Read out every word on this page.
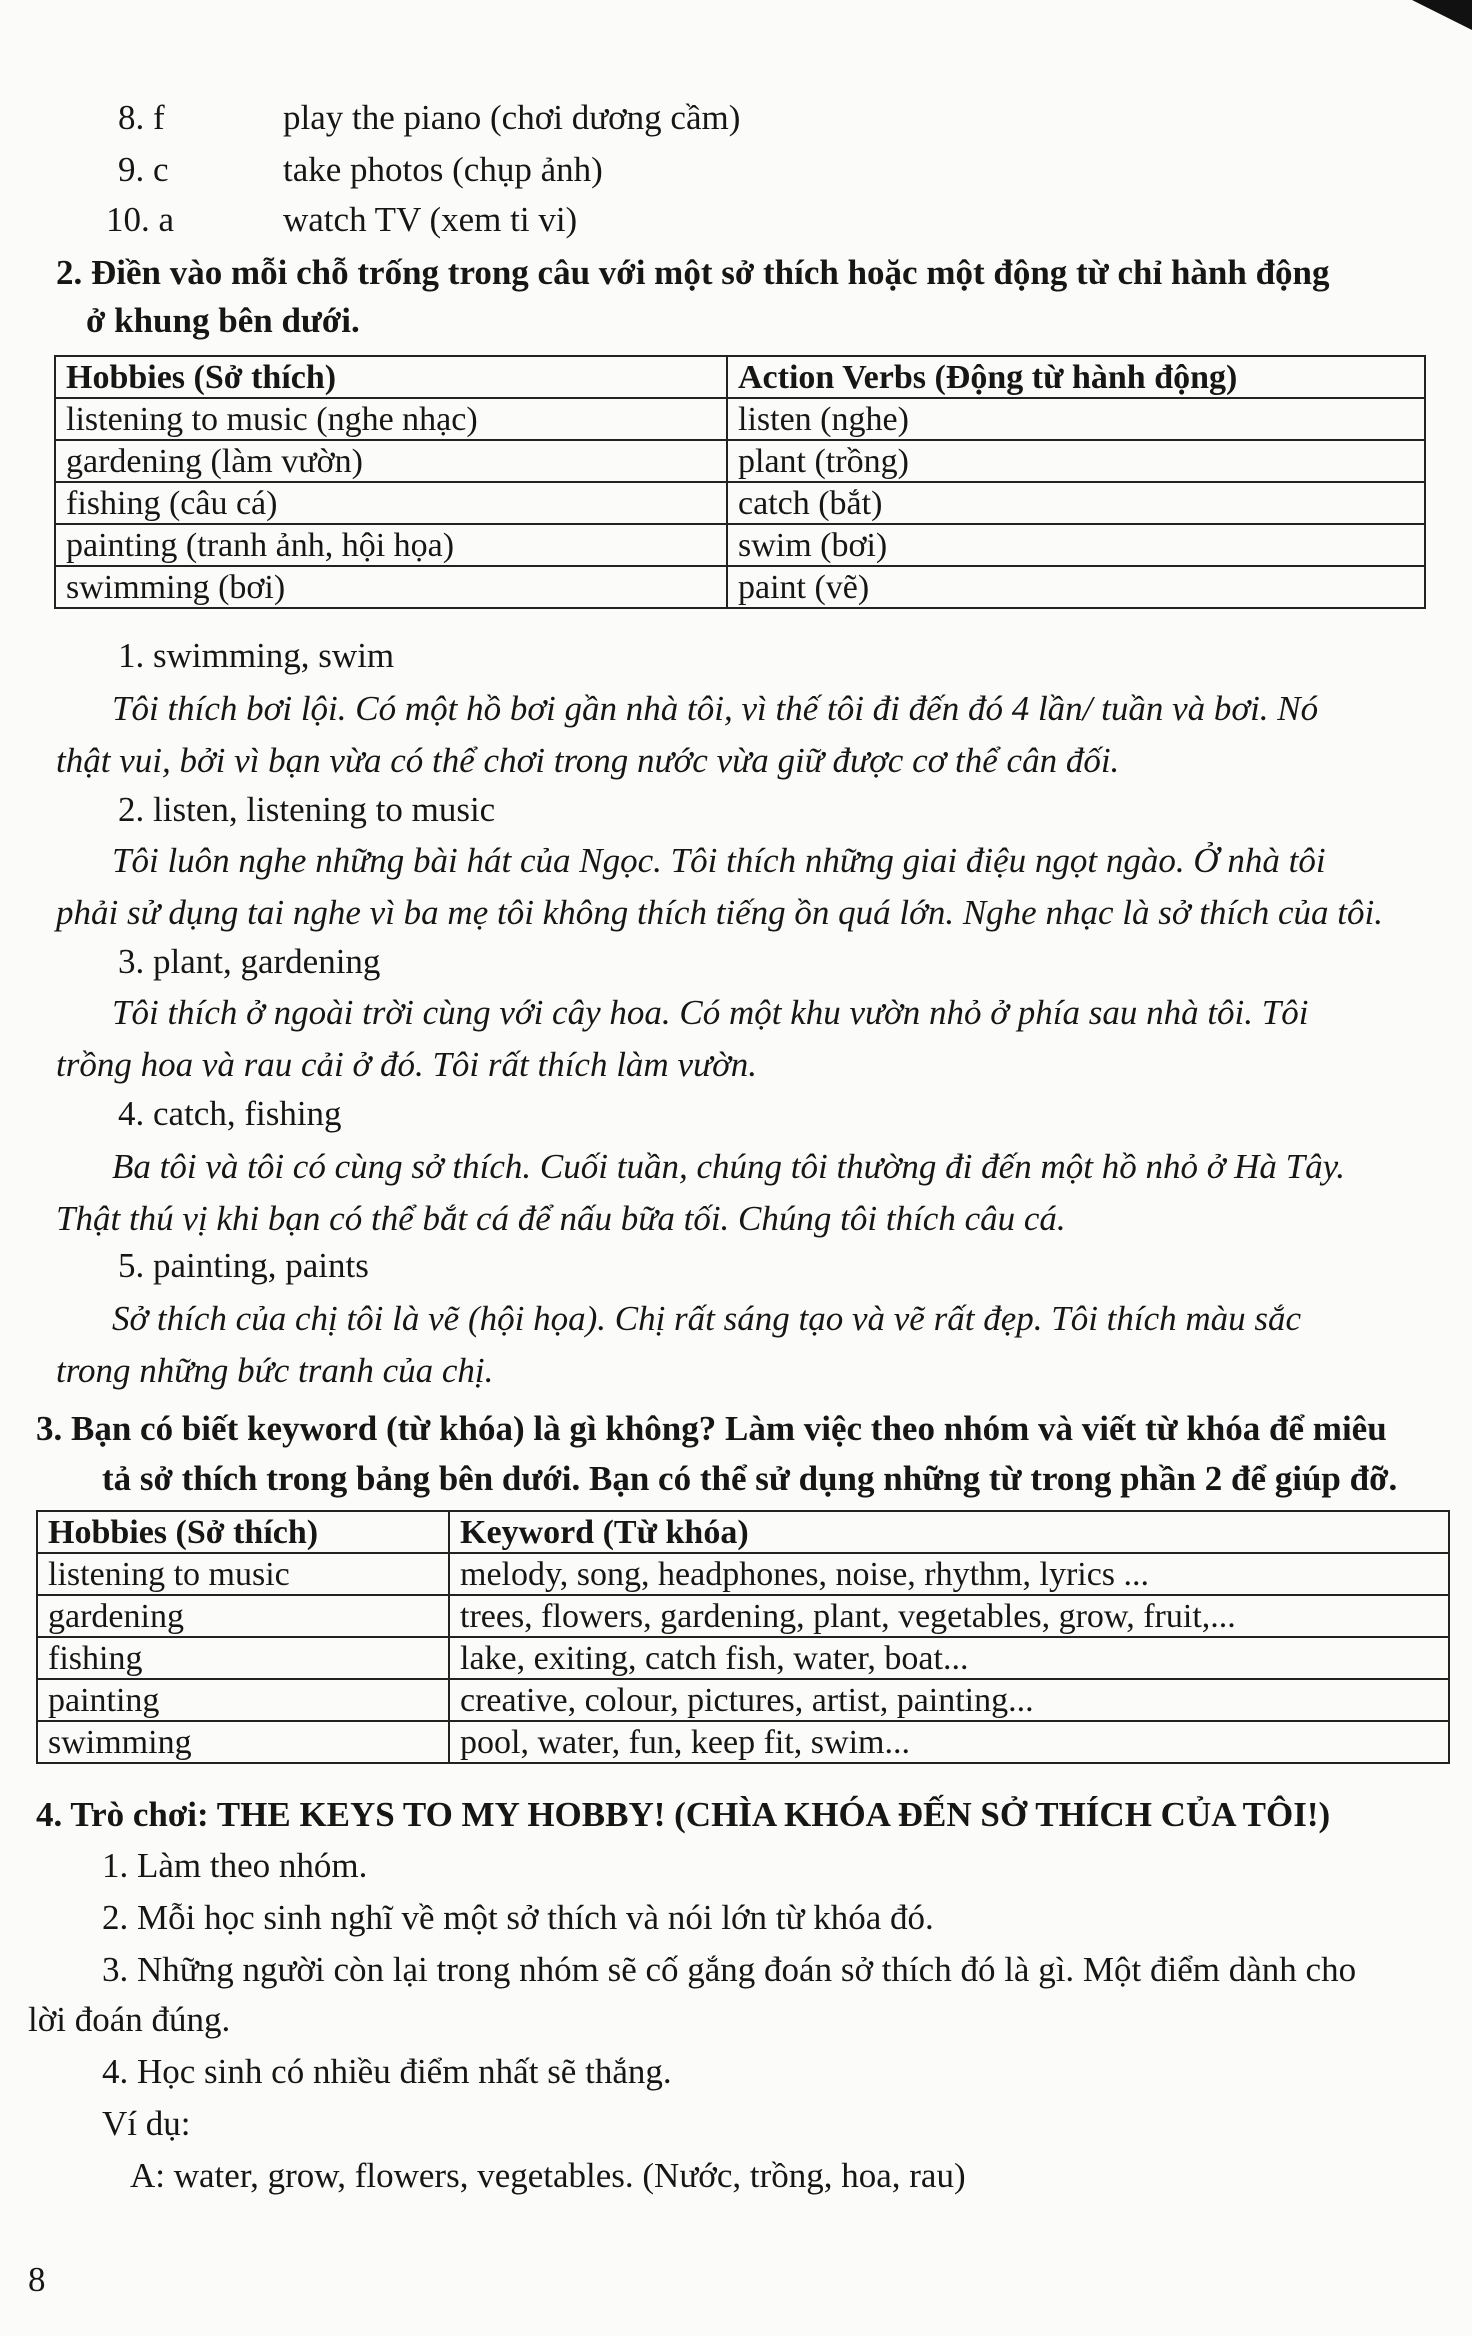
8. f	play the piano (chơi dương cầm)
9. c	take photos (chụp ảnh)
10. a	watch TV (xem ti vi)
2. Điền vào mỗi chỗ trống trong câu với một sở thích hoặc một động từ chỉ hành động
ở khung bên dưới.
Hobbies (Sở thích)	Action Verbs (Động từ hành động)
listening to music (nghe nhạc)	listen (nghe)
gardening (làm vườn)	plant (trồng)
fishing (câu cá)	catch (bắt)
painting (tranh ảnh, hội họa)	swim (bơi)
swimming (bơi)	paint (vẽ)
1. swimming, swim
Tôi thích bơi lội. Có một hồ bơi gần nhà tôi, vì thế tôi đi đến đó 4 lần/ tuần và bơi. Nó
thật vui, bởi vì bạn vừa có thể chơi trong nước vừa giữ được cơ thể cân đối.
2. listen, listening to music
Tôi luôn nghe những bài hát của Ngọc. Tôi thích những giai điệu ngọt ngào. Ở nhà tôi
phải sử dụng tai nghe vì ba mẹ tôi không thích tiếng ồn quá lớn. Nghe nhạc là sở thích của tôi.
3. plant, gardening
Tôi thích ở ngoài trời cùng với cây hoa. Có một khu vườn nhỏ ở phía sau nhà tôi. Tôi
trồng hoa và rau cải ở đó. Tôi rất thích làm vườn.
4. catch, fishing
Ba tôi và tôi có cùng sở thích. Cuối tuần, chúng tôi thường đi đến một hồ nhỏ ở Hà Tây.
Thật thú vị khi bạn có thể bắt cá để nấu bữa tối. Chúng tôi thích câu cá.
5. painting, paints
Sở thích của chị tôi là vẽ (hội họa). Chị rất sáng tạo và vẽ rất đẹp. Tôi thích màu sắc
trong những bức tranh của chị.
3. Bạn có biết keyword (từ khóa) là gì không? Làm việc theo nhóm và viết từ khóa để miêu
tả sở thích trong bảng bên dưới. Bạn có thể sử dụng những từ trong phần 2 để giúp đỡ.
Hobbies (Sở thích)	Keyword (Từ khóa)
listening to music	melody, song, headphones, noise, rhythm, lyrics ...
gardening	trees, flowers, gardening, plant, vegetables, grow, fruit,...
fishing	lake, exiting, catch fish, water, boat...
painting	creative, colour, pictures, artist, painting...
swimming	pool, water, fun, keep fit, swim...
4. Trò chơi: THE KEYS TO MY HOBBY! (CHÌA KHÓA ĐẾN SỞ THÍCH CỦA TÔI!)
1. Làm theo nhóm.
2. Mỗi học sinh nghĩ về một sở thích và nói lớn từ khóa đó.
3. Những người còn lại trong nhóm sẽ cố gắng đoán sở thích đó là gì. Một điểm dành cho
lời đoán đúng.
4. Học sinh có nhiều điểm nhất sẽ thắng.
Ví dụ:
A: water, grow, flowers, vegetables. (Nước, trồng, hoa, rau)
8
